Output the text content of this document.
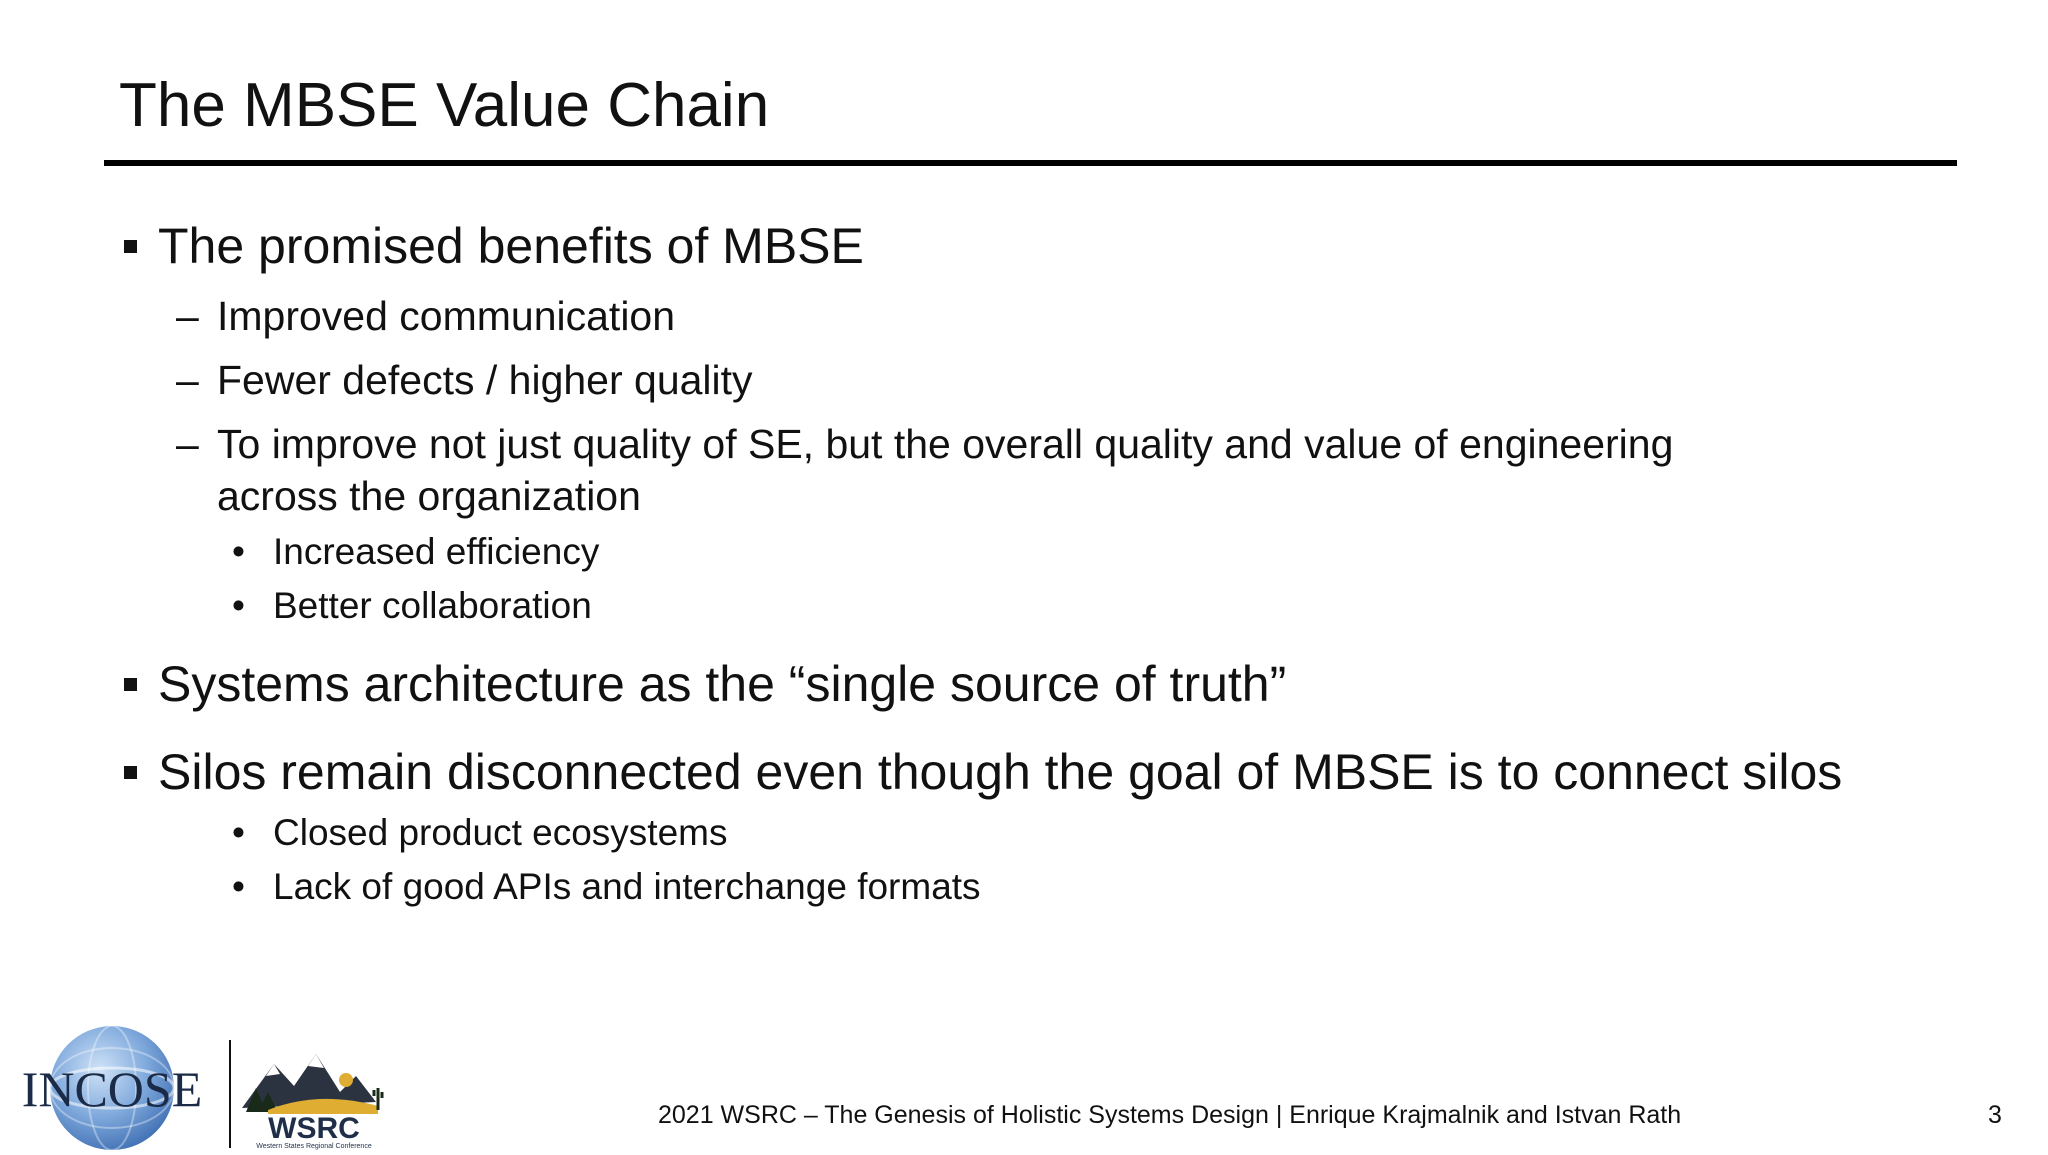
The MBSE Value Chain
The promised benefits of MBSE
– Improved communication
– Fewer defects / higher quality
– To improve not just quality of SE, but the overall quality and value of engineering across the organization
• Increased efficiency
• Better collaboration
Systems architecture as the “single source of truth”
Silos remain disconnected even though the goal of MBSE is to connect silos
• Closed product ecosystems
• Lack of good APIs and interchange formats
INCOSE
WSRC
Western States Regional Conference
2021 WSRC – The Genesis of Holistic Systems Design | Enrique Krajmalnik and Istvan Rath	3
